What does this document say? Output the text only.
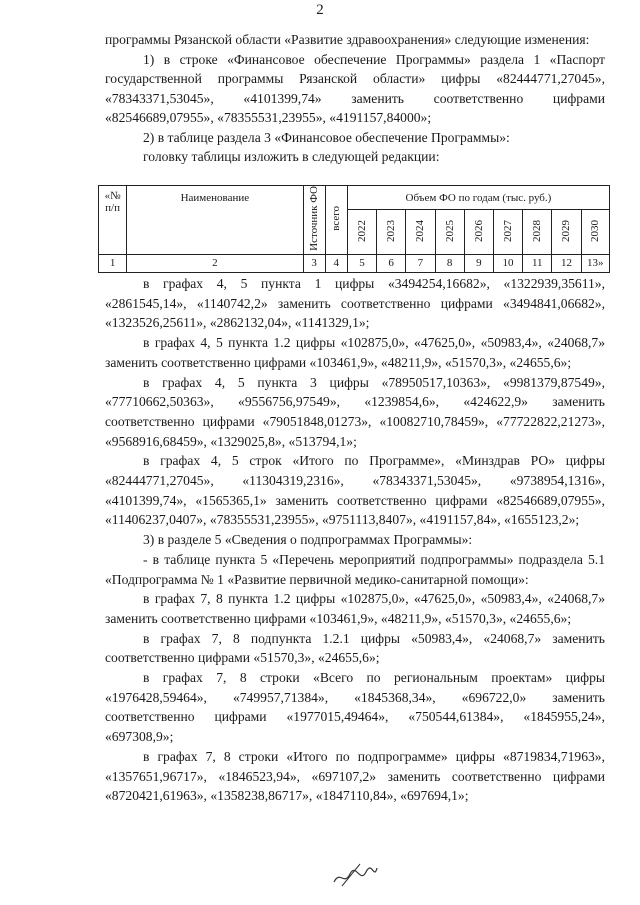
2

программы Рязанской области «Развитие здравоохранения» следующие изменения:

1) в строке «Финансовое обеспечение Программы» раздела 1 «Паспорт государственной программы Рязанской области» цифры «82444771,27045», «78343371,53045», «4101399,74» заменить соответственно цифрами «82546689,07955», «78355531,23955», «4191157,84000»;

2) в таблице раздела 3 «Финансовое обеспечение Программы»:

головку таблицы изложить в следующей редакции:

«№ п/п	Наименование	Источник ФО	всего	Объем ФО по годам (тыс. руб.)								
				2022	2023	2024	2025	2026	2027	2028	2029	2030
1	2	3	4	5	6	7	8	9	10	11	12	13»

в графах 4, 5 пункта 1 цифры «3494254,16682», «1322939,35611», «2861545,14», «1140742,2» заменить соответственно цифрами «3494841,06682», «1323526,25611», «2862132,04», «1141329,1»;

в графах 4, 5 пункта 1.2 цифры «102875,0», «47625,0», «50983,4», «24068,7» заменить соответственно цифрами «103461,9», «48211,9», «51570,3», «24655,6»;

в графах 4, 5 пункта 3 цифры «78950517,10363», «9981379,87549», «77710662,50363», «9556756,97549», «1239854,6», «424622,9» заменить соответственно цифрами «79051848,01273», «10082710,78459», «77722822,21273», «9568916,68459», «1329025,8», «513794,1»;

в графах 4, 5 строк «Итого по Программе», «Минздрав РО» цифры «82444771,27045», «11304319,2316», «78343371,53045», «9738954,1316», «4101399,74», «1565365,1» заменить соответственно цифрами «82546689,07955», «11406237,0407», «78355531,23955», «9751113,8407», «4191157,84», «1655123,2»;

3) в разделе 5 «Сведения о подпрограммах Программы»:

- в таблице пункта 5 «Перечень мероприятий подпрограммы» подраздела 5.1 «Подпрограмма № 1 «Развитие первичной медико-санитарной помощи»:

в графах 7, 8 пункта 1.2 цифры «102875,0», «47625,0», «50983,4», «24068,7» заменить соответственно цифрами «103461,9», «48211,9», «51570,3», «24655,6»;

в графах 7, 8 подпункта 1.2.1 цифры «50983,4», «24068,7» заменить соответственно цифрами «51570,3», «24655,6»;

в графах 7, 8 строки «Всего по региональным проектам» цифры «1976428,59464», «749957,71384», «1845368,34», «696722,0» заменить соответственно цифрами «1977015,49464», «750544,61384», «1845955,24», «697308,9»;

в графах 7, 8 строки «Итого по подпрограмме» цифры «8719834,71963», «1357651,96717», «1846523,94», «697107,2» заменить соответственно цифрами «8720421,61963», «1358238,86717», «1847110,84», «697694,1»;
